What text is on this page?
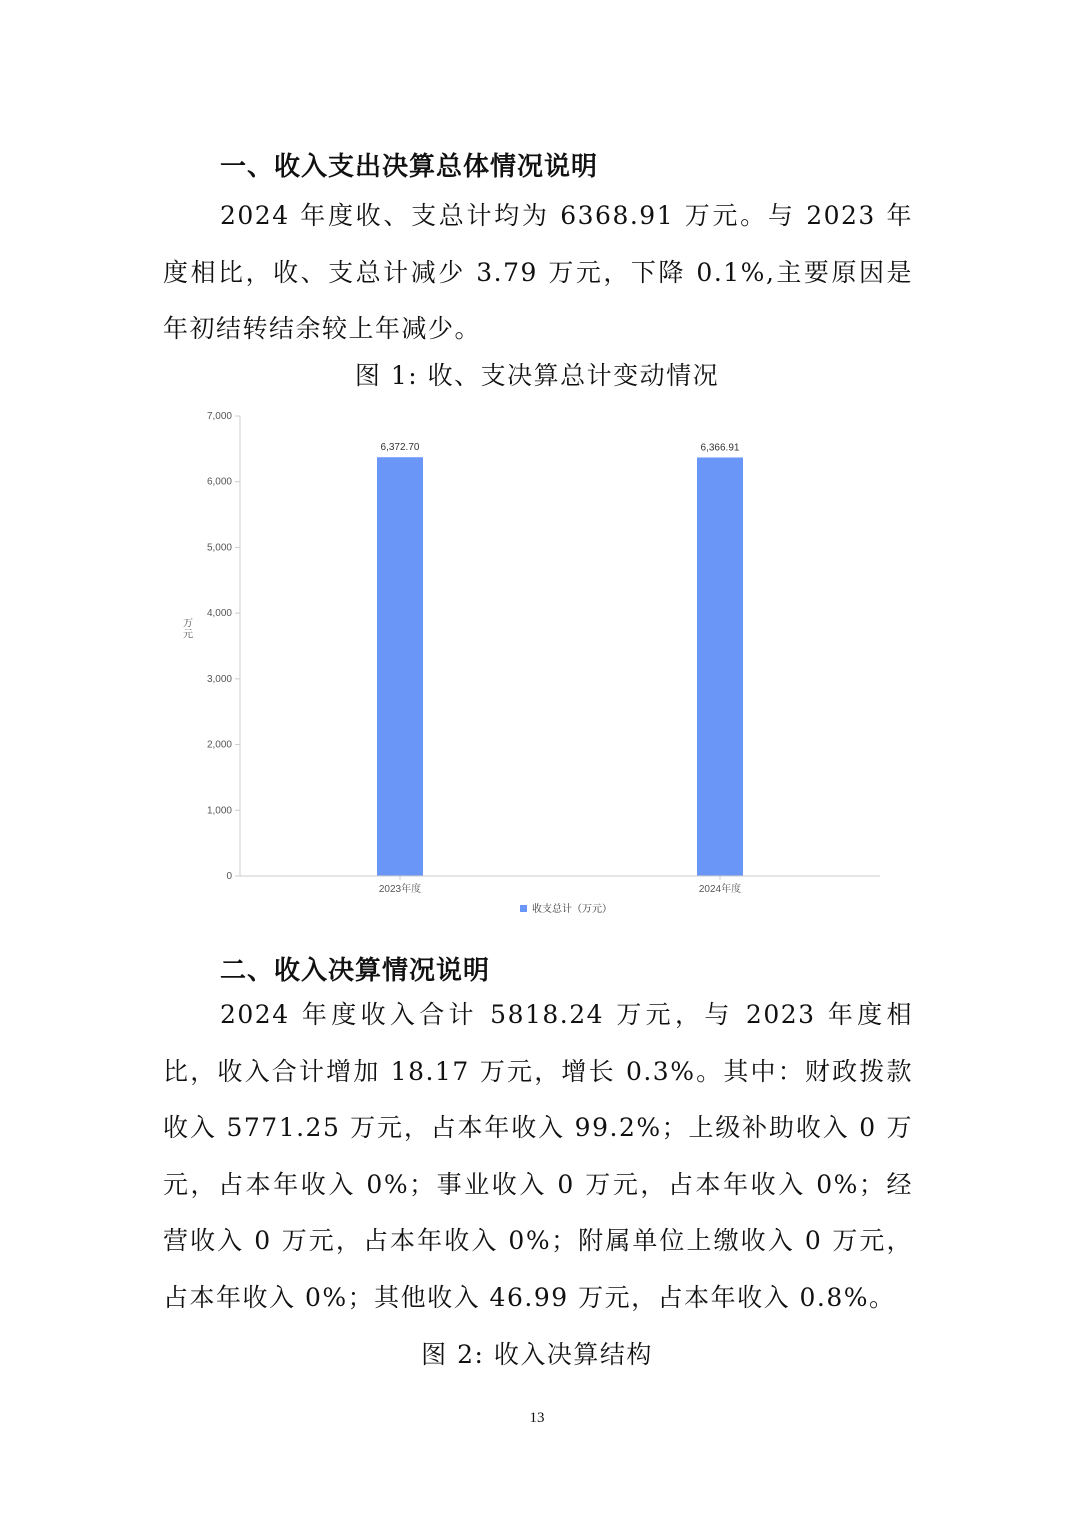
一、收入支出决算总体情况说明
2024 年度收、支总计均为 6368.91 万元。与 2023 年度相比，收、支总计减少 3.79 万元，下降 0.1%,主要原因是年初结转结余较上年减少。
图 1: 收、支决算总计变动情况
0
1,000
2,000
3,000
4,000
5,000
6,000
7,000
万元
6,372.70	6,366.91
2023年度	2024年度
收支总计（万元）
二、收入决算情况说明
2024 年度收入合计 5818.24 万元，与 2023 年度相比，收入合计增加 18.17 万元，增长 0.3%。其中：财政拨款收入 5771.25 万元，占本年收入 99.2%；上级补助收入 0 万元，占本年收入 0%；事业收入 0 万元，占本年收入 0%；经营收入 0 万元，占本年收入 0%；附属单位上缴收入 0 万元，占本年收入 0%；其他收入 46.99 万元，占本年收入 0.8%。
图 2: 收入决算结构
13
